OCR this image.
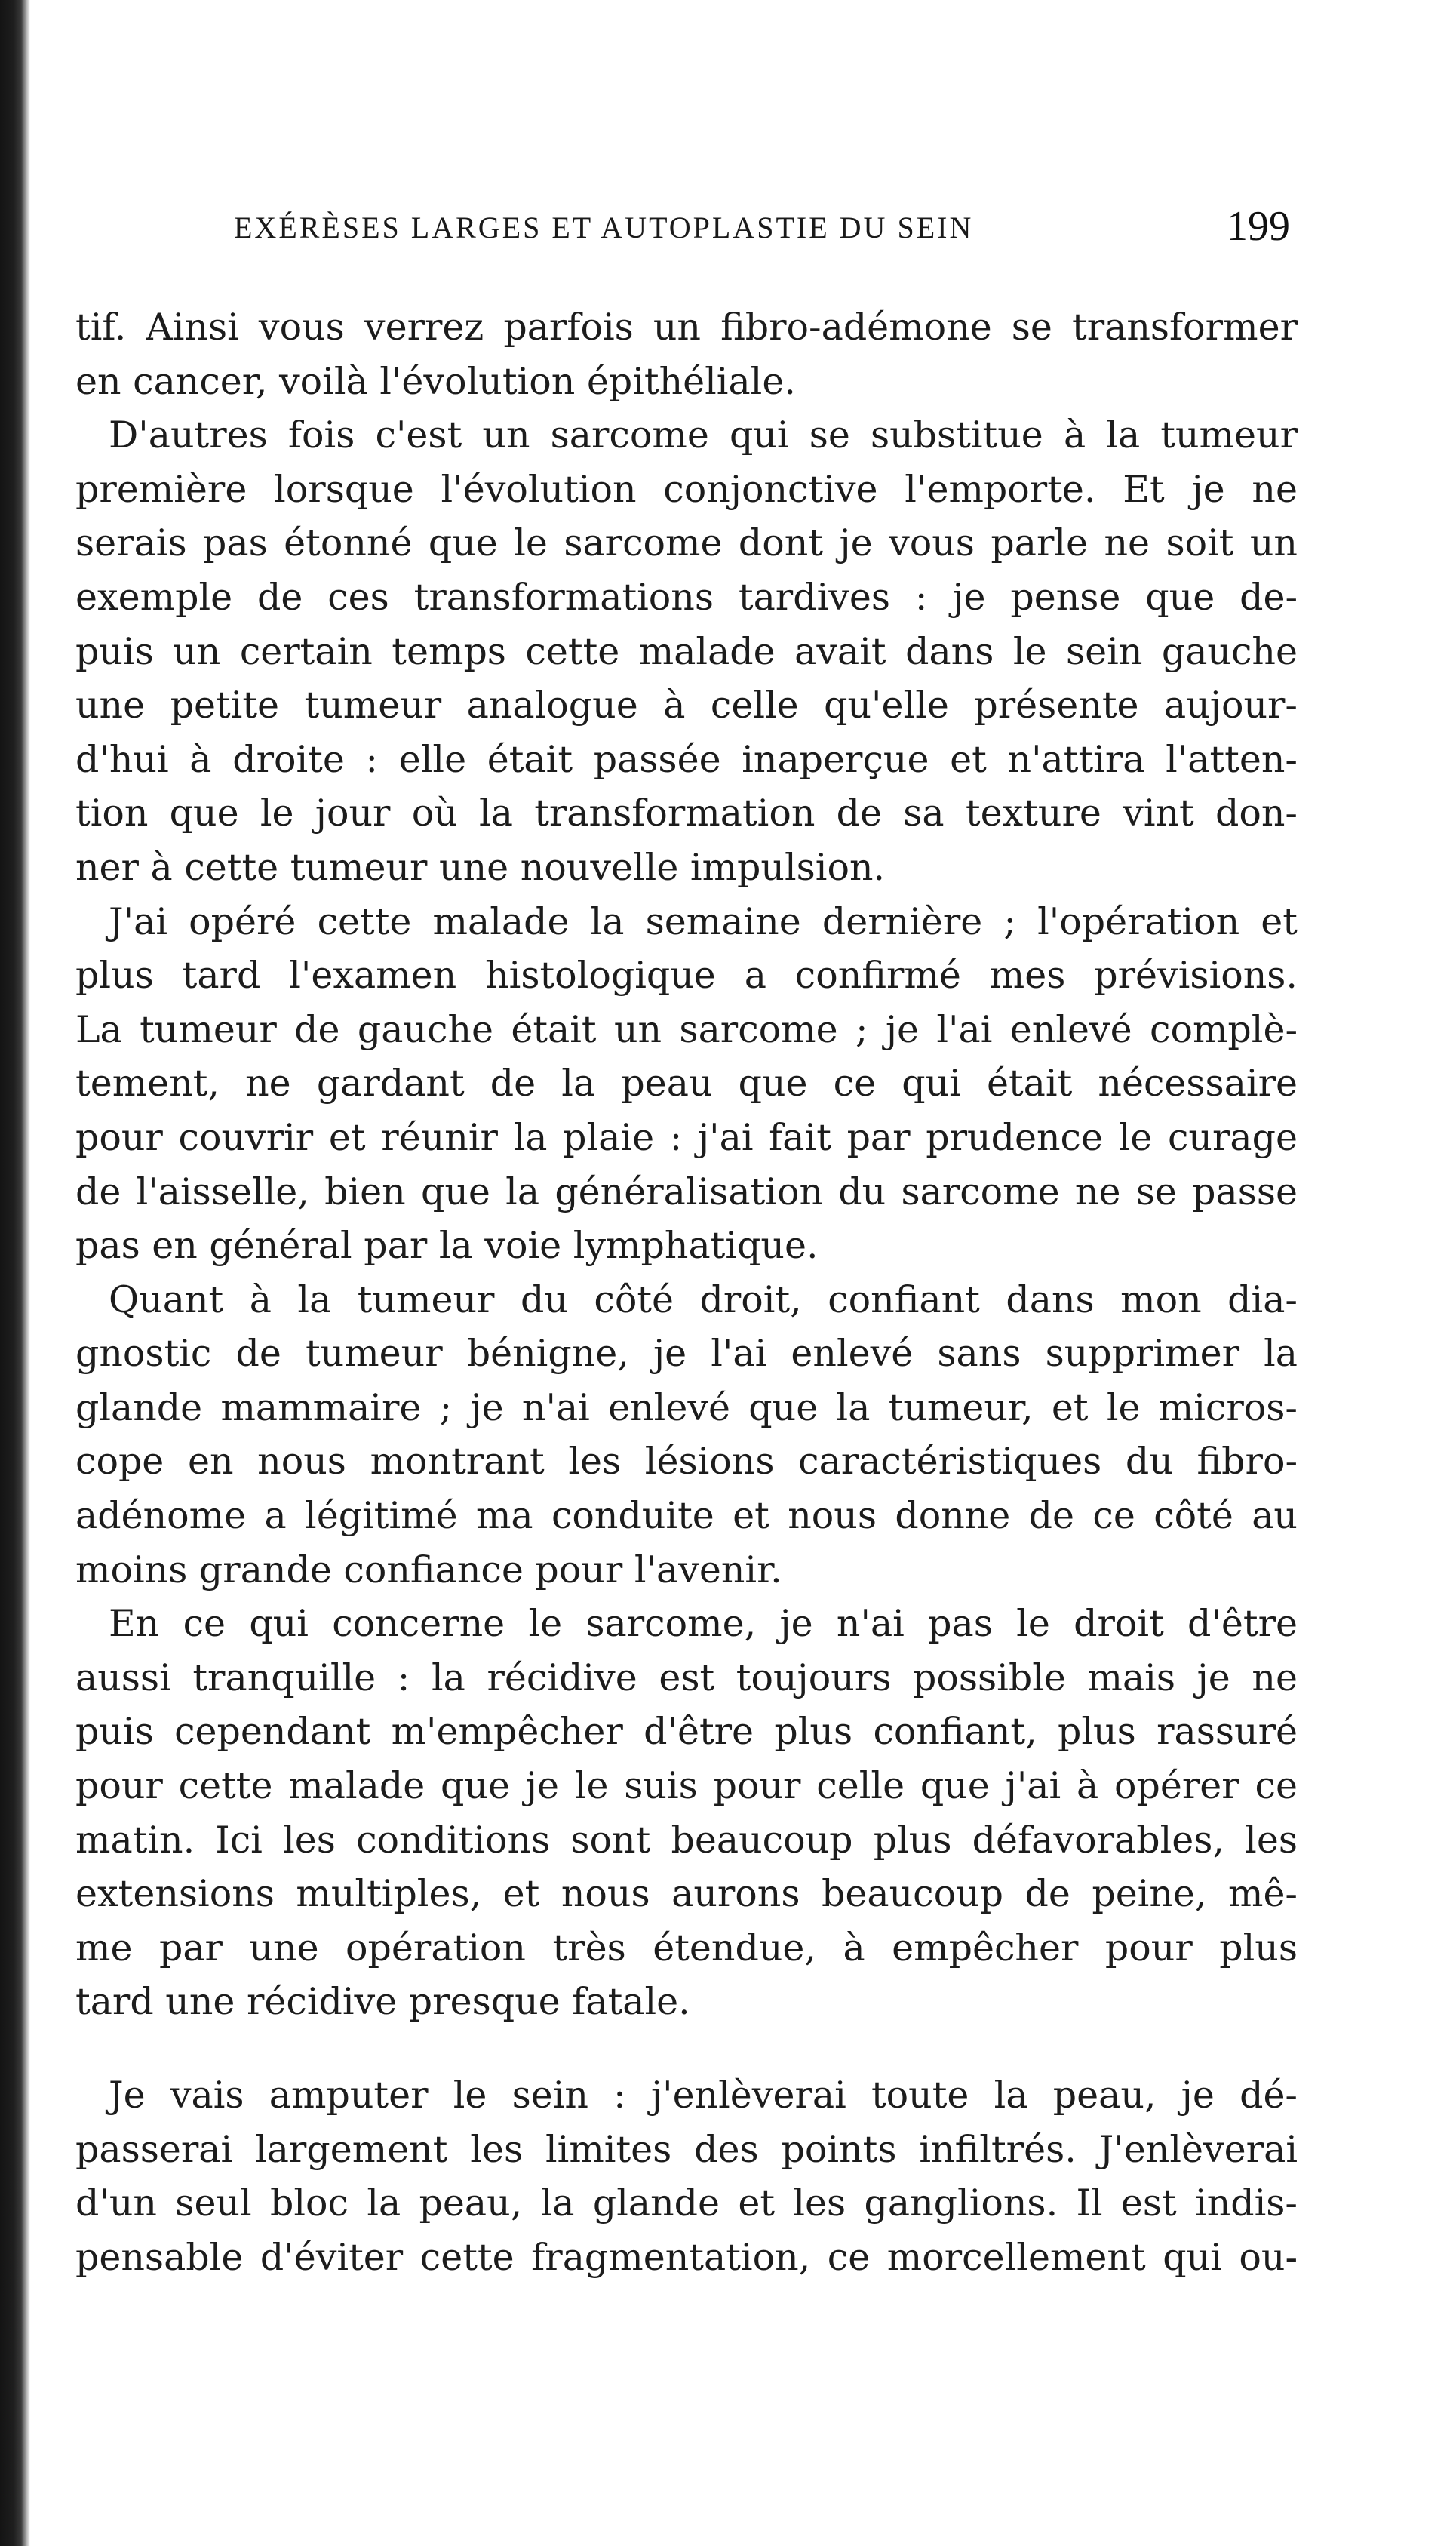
EXÉRÈSES LARGES ET AUTOPLASTIE DU SEIN	199
tif. Ainsi vous verrez parfois un fibro-adémone se transformer
en cancer, voilà l'évolution épithéliale.
D'autres fois c'est un sarcome qui se substitue à la tumeur
première lorsque l'évolution conjonctive l'emporte. Et je ne
serais pas étonné que le sarcome dont je vous parle ne soit un
exemple de ces transformations tardives : je pense que de-
puis un certain temps cette malade avait dans le sein gauche
une petite tumeur analogue à celle qu'elle présente aujour-
d'hui à droite : elle était passée inaperçue et n'attira l'atten-
tion que le jour où la transformation de sa texture vint don-
ner à cette tumeur une nouvelle impulsion.
J'ai opéré cette malade la semaine dernière ; l'opération et
plus tard l'examen histologique a confirmé mes prévisions.
La tumeur de gauche était un sarcome ; je l'ai enlevé complè-
tement, ne gardant de la peau que ce qui était nécessaire
pour couvrir et réunir la plaie : j'ai fait par prudence le curage
de l'aisselle, bien que la généralisation du sarcome ne se passe
pas en général par la voie lymphatique.
Quant à la tumeur du côté droit, confiant dans mon dia-
gnostic de tumeur bénigne, je l'ai enlevé sans supprimer la
glande mammaire ; je n'ai enlevé que la tumeur, et le micros-
cope en nous montrant les lésions caractéristiques du fibro-
adénome a légitimé ma conduite et nous donne de ce côté au
moins grande confiance pour l'avenir.
En ce qui concerne le sarcome, je n'ai pas le droit d'être
aussi tranquille : la récidive est toujours possible mais je ne
puis cependant m'empêcher d'être plus confiant, plus rassuré
pour cette malade que je le suis pour celle que j'ai à opérer ce
matin. Ici les conditions sont beaucoup plus défavorables, les
extensions multiples, et nous aurons beaucoup de peine, mê-
me par une opération très étendue, à empêcher pour plus
tard une récidive presque fatale.
Je vais amputer le sein : j'enlèverai toute la peau, je dé-
passerai largement les limites des points infiltrés. J'enlèverai
d'un seul bloc la peau, la glande et les ganglions. Il est indis-
pensable d'éviter cette fragmentation, ce morcellement qui ou-
